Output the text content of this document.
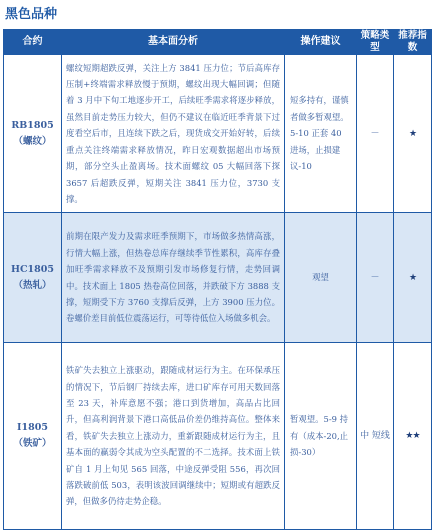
黑色品种
合约	基本面分析	操作建议	策略类型	推荐指数

RB1805
（螺纹）	螺纹短期超跌反弹，关注上方 3841 压力位；节后高库存压制+终端需求释放慢于预期，螺纹出现大幅回调；但随着 3 月中下旬工地逐步开工，后续旺季需求将逐步释放，虽然目前走势压力较大，但仍不建议在临近旺季背景下过度看空后市，且连续下跌之后，现货成交开始好转，后续重点关注终端需求释放情况，昨日宏观数据超出市场预期，部分空头止盈离场。技术面螺纹 05 大幅回落下探 3657 后超跌反弹，短期关注 3841 压力位，3730 支撑。	短多持有，谨慎者做多暂观望。5-10 正套 40 进场，止损建议-10	－	★

HC1805
（热轧）	前期在限产发力及需求旺季预期下，市场做多热情高涨，行情大幅上涨，但热卷总库存继续季节性累积，高库存叠加旺季需求释放不及预期引发市场修复行情，走势回调中。技术面上 1805 热卷高位回落，并跌破下方 3888 支撑，短期受下方 3760 支撑后反弹，上方 3900 压力位。卷螺价差目前低位震荡运行，可等待低位入场做多机会。	观望	－	★

I1805
（铁矿）	铁矿失去独立上涨驱动，跟随成材运行为主。在环保承压的情况下，节后钢厂持续去库，进口矿库存可用天数回落至 23 天，补库意愿不强；港口到货增加，高品占比回升，但高利润背景下港口高低品价差仍维持高位。整体来看，铁矿失去独立上涨动力，重新跟随成材运行为主，且基本面的赢弱令其成为空头配置的不二选择。技术面上铁矿自 1 月上旬见 565 回落，中途反弹受阻 556，再次回落跌破前低 503，表明该波回调继续中；短期或有超跌反弹，但做多仍待走势企稳。	暂观望。5-9 持有（成本-20,止损-30）	中 短线	★★
